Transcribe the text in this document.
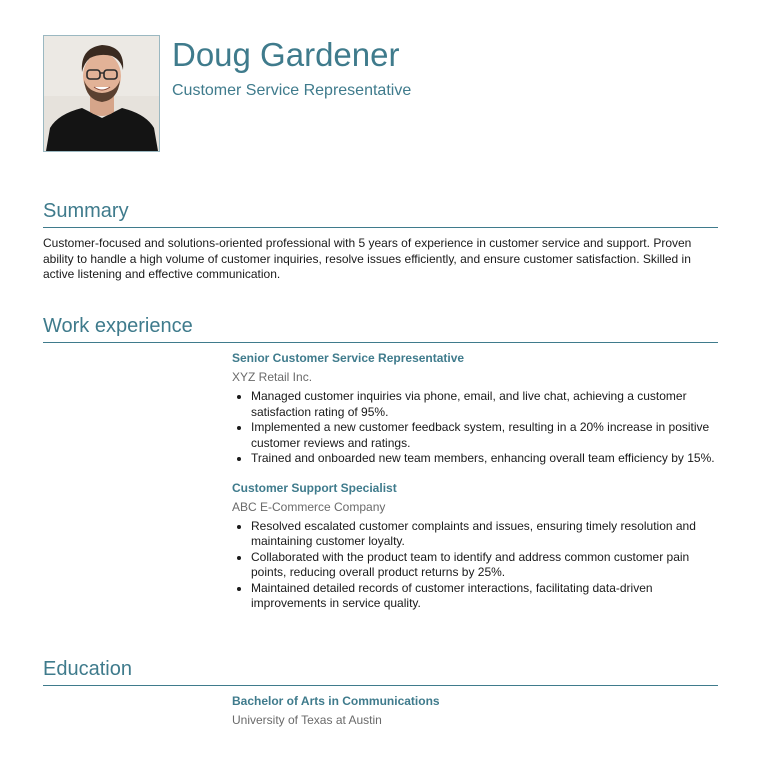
Doug Gardener
Customer Service Representative
Summary

Customer-focused and solutions-oriented professional with 5 years of experience in customer service and support. Proven ability to handle a high volume of customer inquiries, resolve issues efficiently, and ensure customer satisfaction. Skilled in active listening and effective communication.

Work experience

Senior Customer Service Representative

XYZ Retail Inc.

• Managed customer inquiries via phone, email, and live chat, achieving a customer satisfaction rating of 95%.
• Implemented a new customer feedback system, resulting in a 20% increase in positive customer reviews and ratings.
• Trained and onboarded new team members, enhancing overall team efficiency by 15%.

Customer Support Specialist

ABC E-Commerce Company

• Resolved escalated customer complaints and issues, ensuring timely resolution and maintaining customer loyalty.
• Collaborated with the product team to identify and address common customer pain points, reducing overall product returns by 25%.
• Maintained detailed records of customer interactions, facilitating data-driven improvements in service quality.
Education

Bachelor of Arts in Communications

University of Texas at Austin
